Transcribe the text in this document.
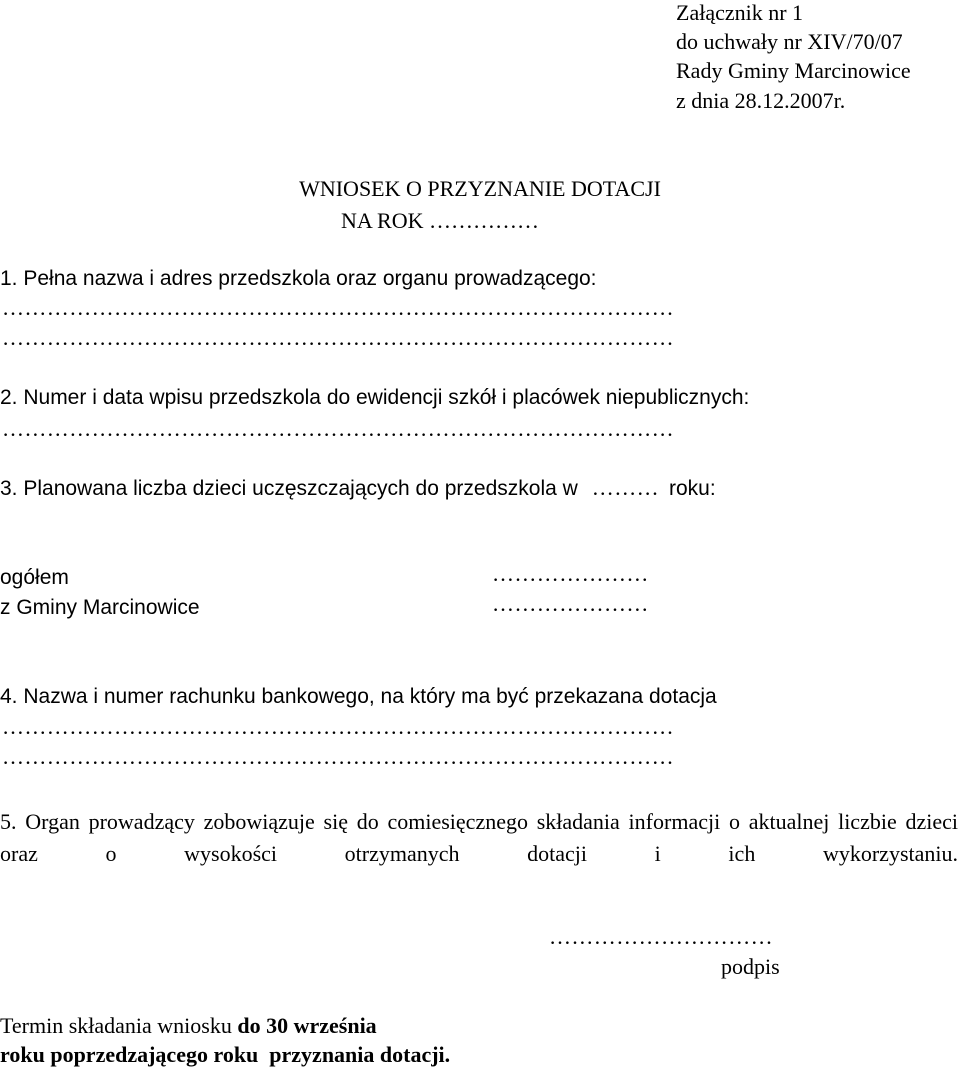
Załącznik nr 1

do uchwały nr XIV/70/07

Rady Gminy Marcinowice

z dnia 28.12.2007r.

WNIOSEK O PRZYZNANIE DOTACJI
NA ROK ……………
1. Pełna nazwa i adres przedszkola oraz organu prowadzącego:
………………………………………………………………………………
………………………………………………………………………………
2. Numer i data wpisu przedszkola do ewidencji szkół i placówek niepublicznych:
………………………………………………………………………………
3. Planowana liczba dzieci uczęszczających do przedszkola w ……… roku:
ogółem	…………………
z Gminy Marcinowice	…………………
4. Nazwa i numer rachunku bankowego, na który ma być przekazana dotacja
………………………………………………………………………………
………………………………………………………………………………
5. Organ prowadzący zobowiązuje się do comiesięcznego składania informacji o aktualnej liczbie dzieci oraz o wysokości otrzymanych dotacji i ich wykorzystaniu.
…………………………
podpis
Termin składania wniosku do 30 września
roku poprzedzającego roku  przyznania dotacji.
